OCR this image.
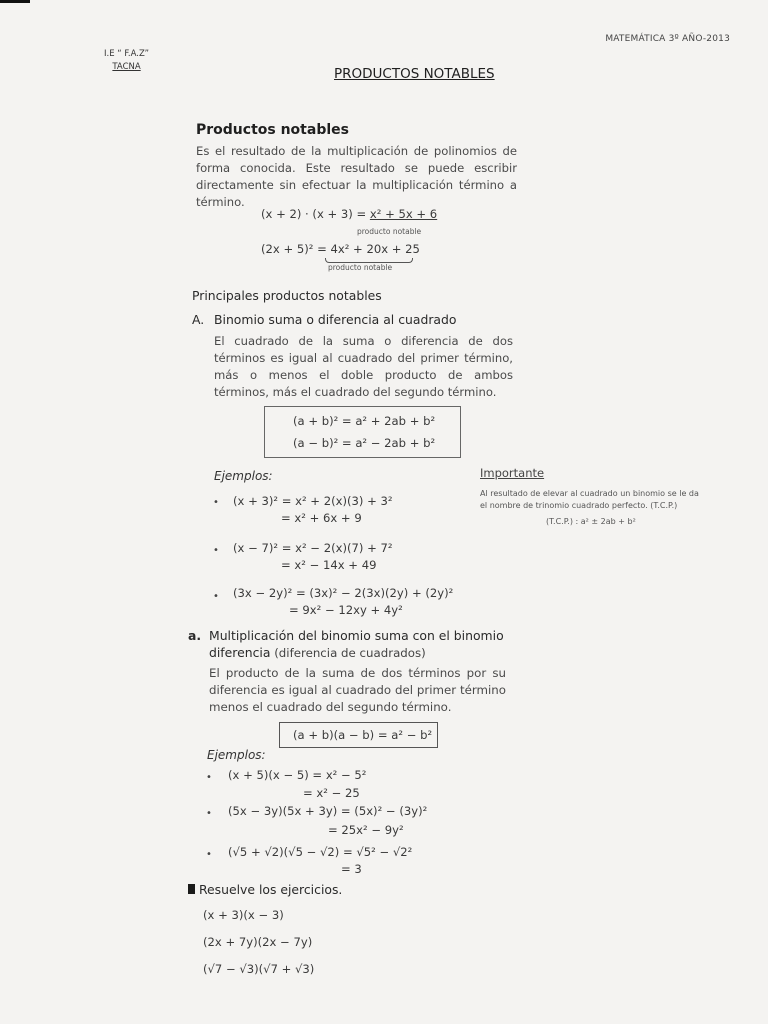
MATEMÁTICA 3º AÑO-2013
I.E “ F.A.Z”
TACNA	PRODUCTOS NOTABLES
Productos notables
Es el resultado de la multiplicación de polinomios de forma conocida. Este resultado se puede escribir directamente sin efectuar la multiplicación término a término.
(x + 2) · (x + 3) = x² + 5x + 6
producto notable
(2x + 5)² = 4x² + 20x + 25
producto notable
Principales productos notables
A. Binomio suma o diferencia al cuadrado
El cuadrado de la suma o diferencia de dos términos es igual al cuadrado del primer término, más o menos el doble producto de ambos términos, más el cuadrado del segundo término.
(a + b)² = a² + 2ab + b²
(a − b)² = a² − 2ab + b²
Ejemplos:
• (x + 3)² = x² + 2(x)(3) + 3²
= x² + 6x + 9
• (x − 7)² = x² − 2(x)(7) + 7²
= x² − 14x + 49
• (3x − 2y)² = (3x)² − 2(3x)(2y) + (2y)²
= 9x² − 12xy + 4y²
Importante
Al resultado de elevar al cuadrado un binomio se le da
el nombre de trinomio cuadrado perfecto. (T.C.P.)
(T.C.P.) : a² ± 2ab + b²
a. Multiplicación del binomio suma con el binomio
diferencia (diferencia de cuadrados)
El producto de la suma de dos términos por su diferencia es igual al cuadrado del primer término menos el cuadrado del segundo término.
(a + b)(a − b) = a² − b²
Ejemplos:
• (x + 5)(x − 5) = x² − 5²
= x² − 25
• (5x − 3y)(5x + 3y) = (5x)² − (3y)²
= 25x² − 9y²
• (√5 + √2)(√5 − √2) = √5² − √2²
= 3
Resuelve los ejercicios.
(x + 3)(x − 3)
(2x + 7y)(2x − 7y)
(√7 − √3)(√7 + √3)
